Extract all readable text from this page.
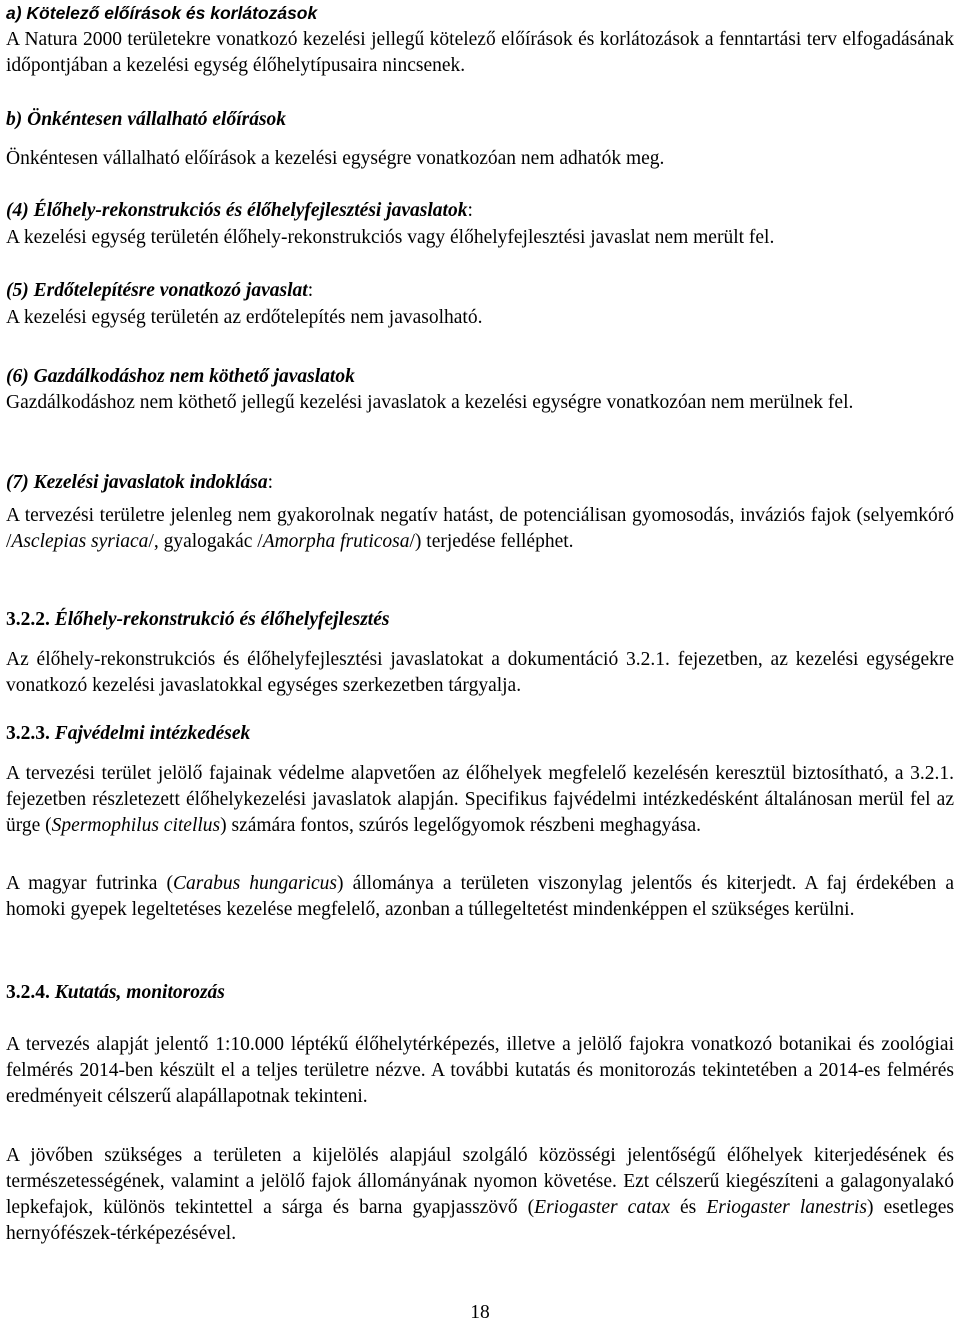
a) Kötelező előírások és korlátozások

A Natura 2000 területekre vonatkozó kezelési jellegű kötelező előírások és korlátozások a fenntartási terv elfogadásának időpontjában a kezelési egység élőhelytípusaira nincsenek.

b) Önkéntesen vállalható előírások

Önkéntesen vállalható előírások a kezelési egységre vonatkozóan nem adhatók meg.

(4) Élőhely-rekonstrukciós és élőhelyfejlesztési javaslatok:

A kezelési egység területén élőhely-rekonstrukciós vagy élőhelyfejlesztési javaslat nem merült fel.

(5) Erdőtelepítésre vonatkozó javaslat:

A kezelési egység területén az erdőtelepítés nem javasolható.

(6) Gazdálkodáshoz nem köthető javaslatok

Gazdálkodáshoz nem köthető jellegű kezelési javaslatok a kezelési egységre vonatkozóan nem merülnek fel.

(7) Kezelési javaslatok indoklása:

A tervezési területre jelenleg nem gyakorolnak negatív hatást, de potenciálisan gyomosodás, inváziós fajok (selyemkóró /Asclepias syriaca/, gyalogakác /Amorpha fruticosa/) terjedése felléphet.

3.2.2. Élőhely-rekonstrukció és élőhelyfejlesztés

Az élőhely-rekonstrukciós és élőhelyfejlesztési javaslatokat a dokumentáció 3.2.1. fejezetben, az kezelési egységekre vonatkozó kezelési javaslatokkal egységes szerkezetben tárgyalja.

3.2.3. Fajvédelmi intézkedések

A tervezési terület jelölő fajainak védelme alapvetően az élőhelyek megfelelő kezelésén keresztül biztosítható, a 3.2.1. fejezetben részletezett élőhelykezelési javaslatok alapján. Specifikus fajvédelmi intézkedésként általánosan merül fel az ürge (Spermophilus citellus) számára fontos, szúrós legelőgyomok részbeni meghagyása.

A magyar futrinka (Carabus hungaricus) állománya a területen viszonylag jelentős és kiterjedt. A faj érdekében a homoki gyepek legeltetéses kezelése megfelelő, azonban a túllegeltetést mindenképpen el szükséges kerülni.

3.2.4. Kutatás, monitorozás

A tervezés alapját jelentő 1:10.000 léptékű élőhelytérképezés, illetve a jelölő fajokra vonatkozó botanikai és zoológiai felmérés 2014-ben készült el a teljes területre nézve. A további kutatás és monitorozás tekintetében a 2014-es felmérés eredményeit célszerű alapállapotnak tekinteni.

A jövőben szükséges a területen a kijelölés alapjául szolgáló közösségi jelentőségű élőhelyek kiterjedésének és természetességének, valamint a jelölő fajok állományának nyomon követése. Ezt célszerű kiegészíteni a galagonyalakó lepkefajok, különös tekintettel a sárga és barna gyapjasszövő (Eriogaster catax és Eriogaster lanestris) esetleges hernyófészek-térképezésével.

18
